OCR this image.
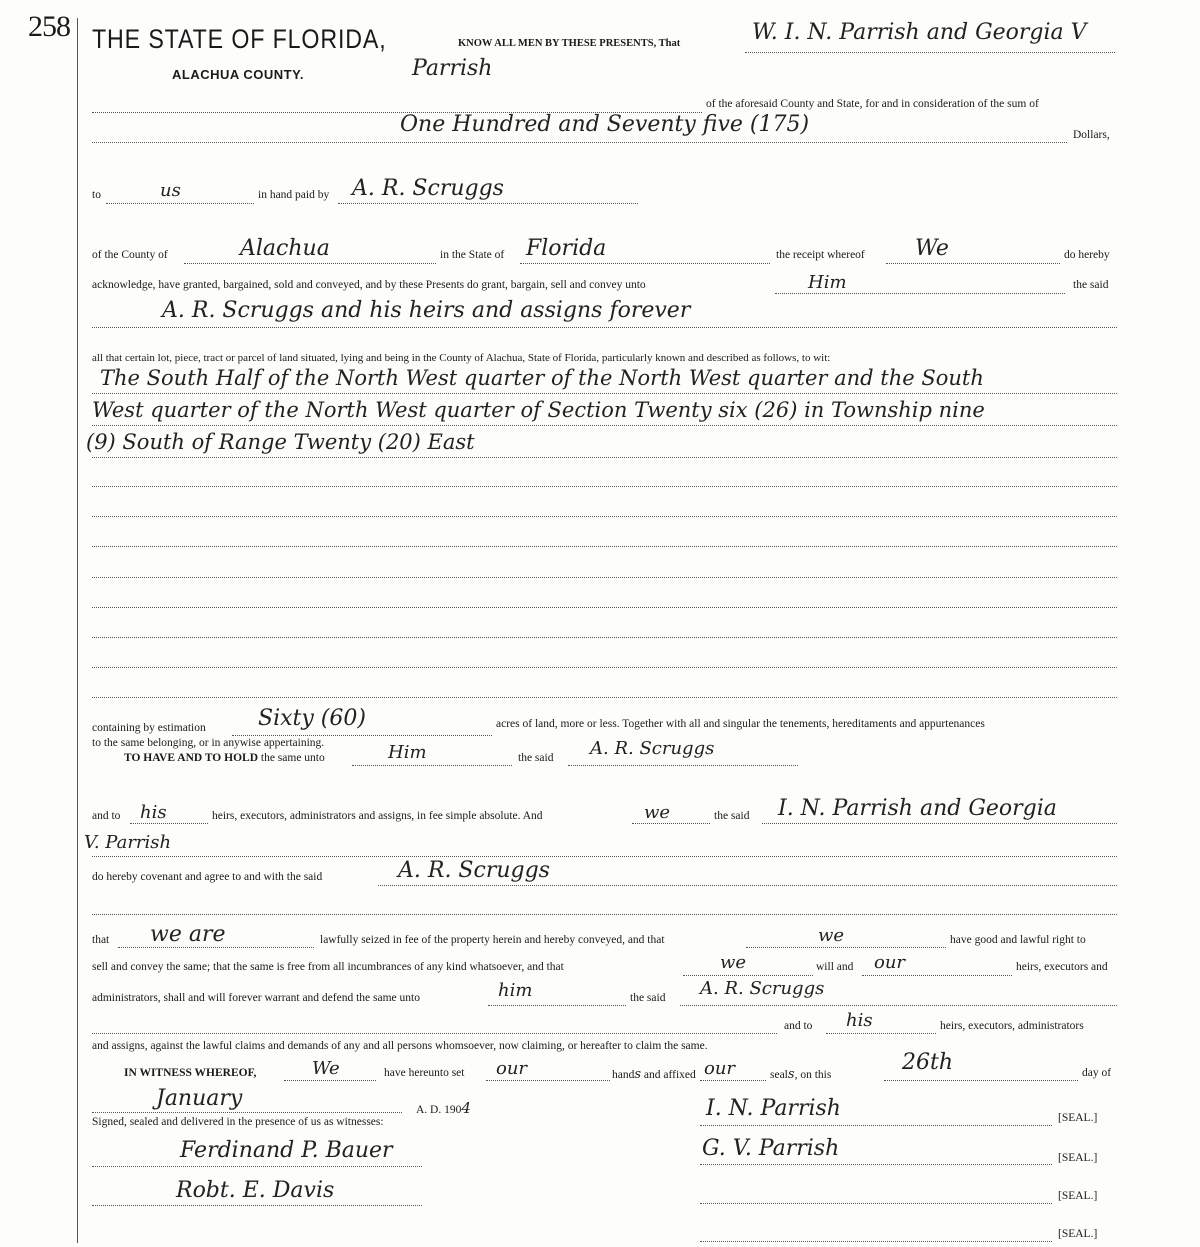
258 THE STATE OF FLORIDA,
ALACHUA COUNTY.
KNOW ALL MEN BY THESE PRESENTS, That	W. I. N. Parrish and Georgia V
Parrish
of the aforesaid County and State, for and in consideration of the sum of
One Hundred and Seventy five (175)	Dollars,
to	us	in hand paid by A. R. Scruggs
of the County of	Alachua	in the State of Florida	the receipt whereof We	do hereby
acknowledge, have granted, bargained, sold and conveyed, and by these Presents do grant, bargain, sell and convey unto	Him	the said
A. R. Scruggs and his heirs and assigns forever
all that certain lot, piece, tract or parcel of land situated, lying and being in the County of Alachua, State of Florida, particularly known and described as follows, to wit:
The South Half of the North West quarter of the North West quarter and the South
West quarter of the North West quarter of Section Twenty six (26) in Township nine
(9) South of Range Twenty (20) East
containing by estimation Sixty (60)	acres of land, more or less. Together with all and singular the tenements, hereditaments and appurtenances
to the same belonging, or in anywise appertaining.
TO HAVE AND TO HOLD the same unto	Him	the said A. R. Scruggs
and to his	heirs, executors, administrators and assigns, in fee simple absolute. And	we	the said I. N. Parrish and Georgia
V. Parrish
do hereby covenant and agree to and with the said	A. R. Scruggs
that we are	lawfully seized in fee of the property herein and hereby conveyed, and that	we	have good and lawful right to
sell and convey the same; that the same is free from all incumbrances of any kind whatsoever, and that	we	will and our	heirs, executors and
administrators, shall and will forever warrant and defend the same unto	him	the said A. R. Scruggs
and to his	heirs, executors, administrators
and assigns, against the lawful claims and demands of any and all persons whomsoever, now claiming, or hereafter to claim the same.
IN WITNESS WHEREOF,	We	have hereunto set our	hands and affixed our	seals, on this	26th	day of
January	A. D. 1904
Signed, sealed and delivered in the presence of us as witnesses:
Ferdinand P. Bauer
Robt. E. Davis
I. N. Parrish	[SEAL.]
G. V. Parrish	[SEAL.]
[SEAL.]
[SEAL.]
